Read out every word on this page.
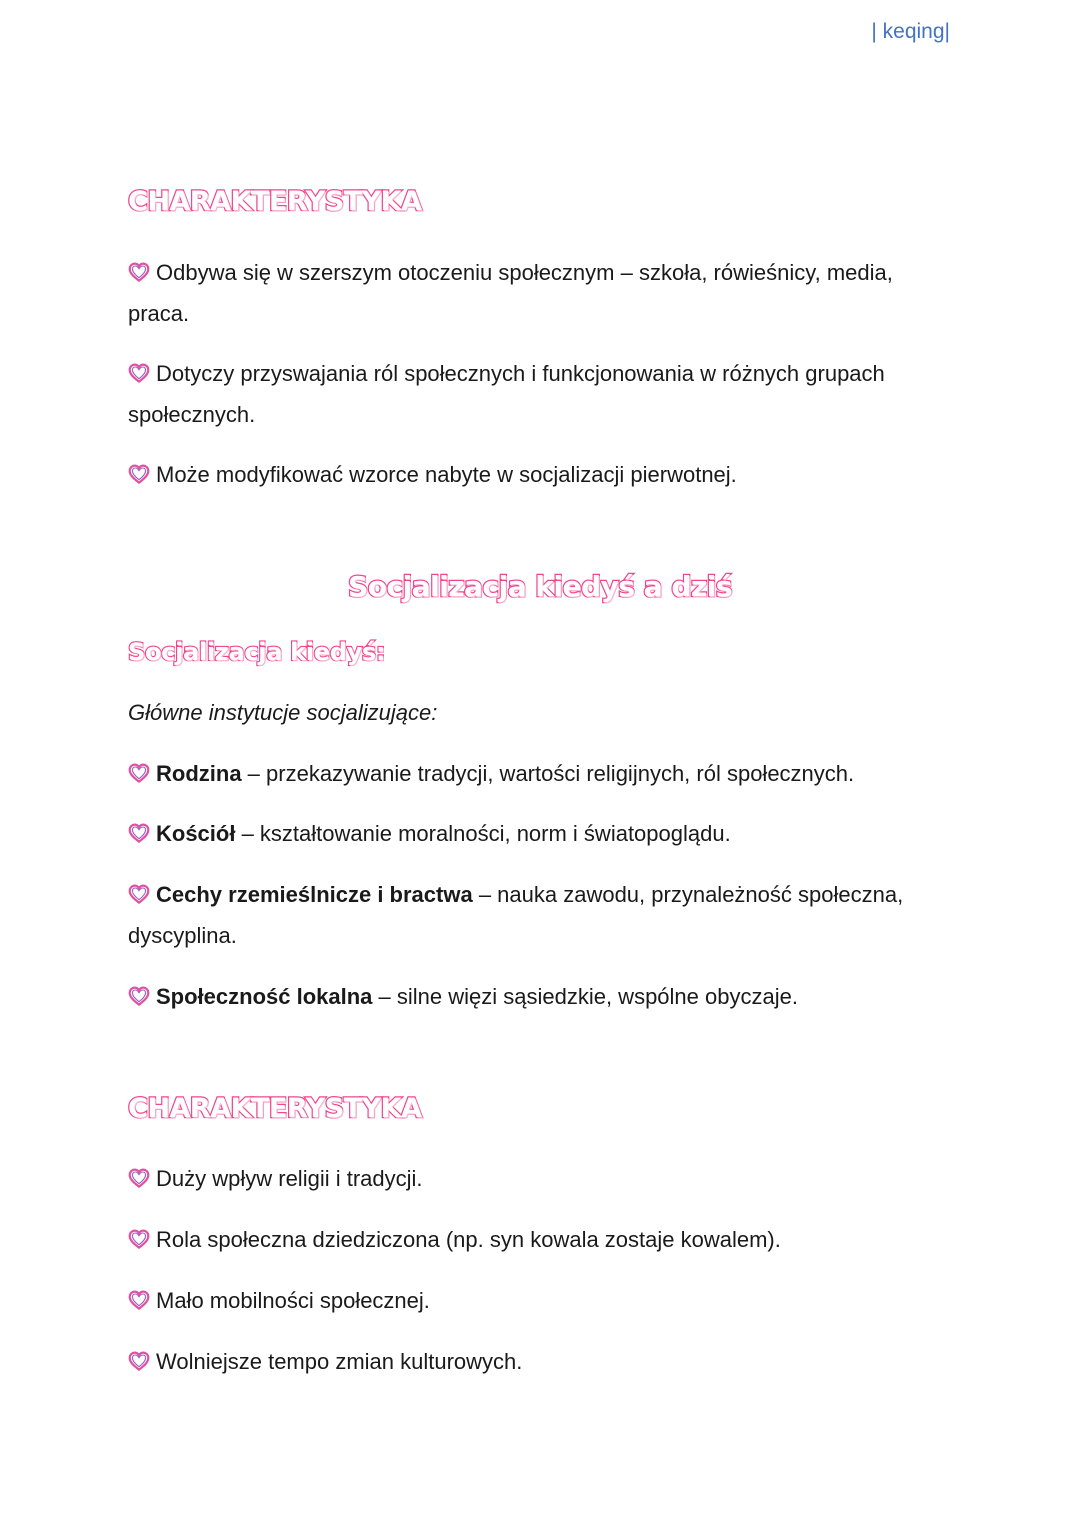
| keqing|
CHARAKTERYSTYKA
Odbywa się w szerszym otoczeniu społecznym – szkoła, rówieśnicy, media, praca.
Dotyczy przyswajania ról społecznych i funkcjonowania w różnych grupach społecznych.
Może modyfikować wzorce nabyte w socjalizacji pierwotnej.
Socjalizacja kiedyś a dziś
Socjalizacja kiedyś:
Główne instytucje socjalizujące:
Rodzina – przekazywanie tradycji, wartości religijnych, ról społecznych.
Kościół – kształtowanie moralności, norm i światopoglądu.
Cechy rzemieślnicze i bractwa – nauka zawodu, przynależność społeczna, dyscyplina.
Społeczność lokalna – silne więzi sąsiedzkie, wspólne obyczaje.
CHARAKTERYSTYKA
Duży wpływ religii i tradycji.
Rola społeczna dziedziczona (np. syn kowala zostaje kowalem).
Mało mobilności społecznej.
Wolniejsze tempo zmian kulturowych.
